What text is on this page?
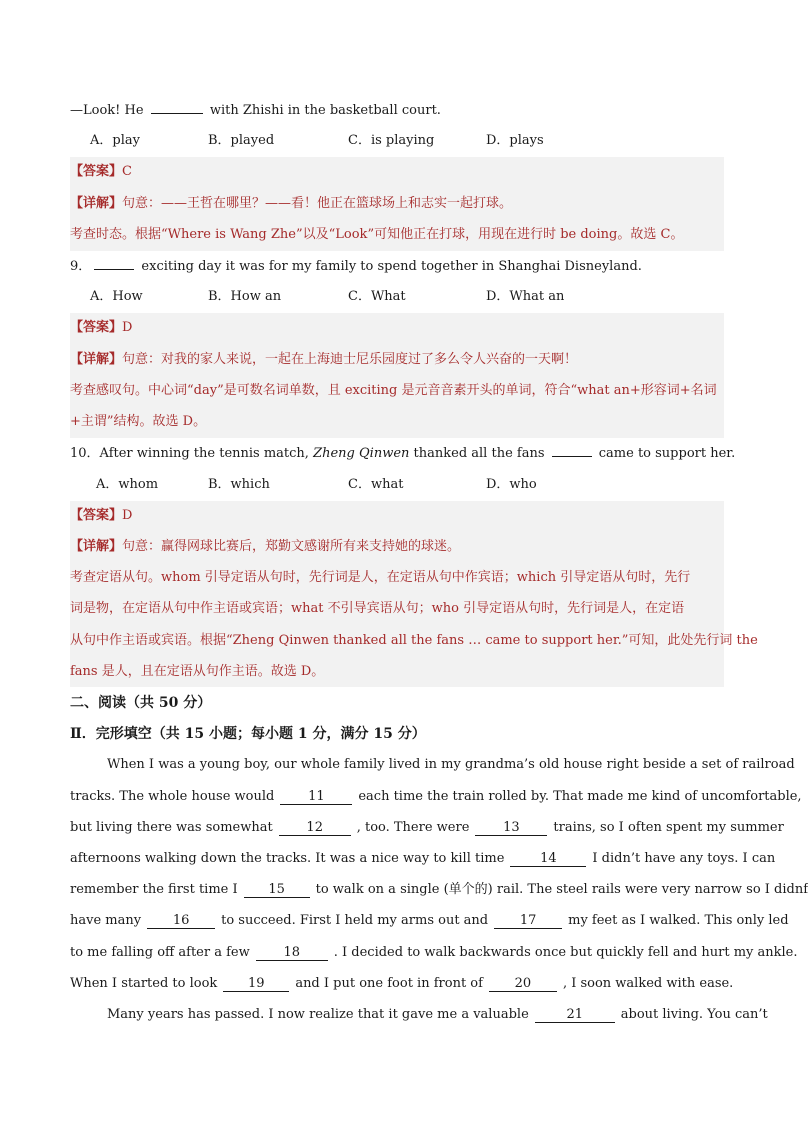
—Look! He	with Zhishi in the basketball court.
A．play	B．played	C．is playing	D．plays
【答案】C
【详解】句意：——王哲在哪里？——看！他正在篮球场上和志实一起打球。
考查时态。根据“Where is Wang Zhe”以及“Look”可知他正在打球，用现在进行时 be doing。故选 C。
9．	exciting day it was for my family to spend together in Shanghai Disneyland.
A．How	B．How an	C．What	D．What an
【答案】D
【详解】句意：对我的家人来说，一起在上海迪士尼乐园度过了多么令人兴奋的一天啊！
考查感叹句。中心词“day”是可数名词单数，且 exciting 是元音音素开头的单词，符合“what an+形容词+名词
+主谓”结构。故选 D。
10．After winning the tennis match, Zheng Qinwen thanked all the fans	came to support her.
A．whom	B．which	C．what	D．who
【答案】D
【详解】句意：赢得网球比赛后，郑勤文感谢所有来支持她的球迷。
考查定语从句。whom 引导定语从句时，先行词是人，在定语从句中作宾语；which 引导定语从句时，先行
词是物，在定语从句中作主语或宾语；what 不引导宾语从句；who 引导定语从句时，先行词是人，在定语
从句中作主语或宾语。根据“Zheng Qinwen thanked all the fans … came to support her.”可知，此处先行词 the
fans 是人，且在定语从句作主语。故选 D。
二、阅读（共 50 分）
Ⅱ．完形填空（共 15 小题；每小题 1 分，满分 15 分）
When I was a young boy, our whole family lived in my grandma’s old house right beside a set of railroad
tracks. The whole house would	11	each time the train rolled by. That made me kind of uncomfortable,
but living there was somewhat	12	, too. There were	13	trains, so I often spent my summer
afternoons walking down the tracks. It was a nice way to kill time	14	I didn’t have any toys. I can
remember the first time I 15 to walk on a single (单个的) rail. The steel rails were very narrow so I didnf
have many 16 to succeed. First I held my arms out and 17 my feet as I walked. This only led
to me falling off after a few	18	. I decided to walk backwards once but quickly fell and hurt my ankle.
When I started to look 19 and I put one foot in front of 20 , I soon walked with ease.
Many years has passed. I now realize that it gave me a valuable	21	about living. You can’t
